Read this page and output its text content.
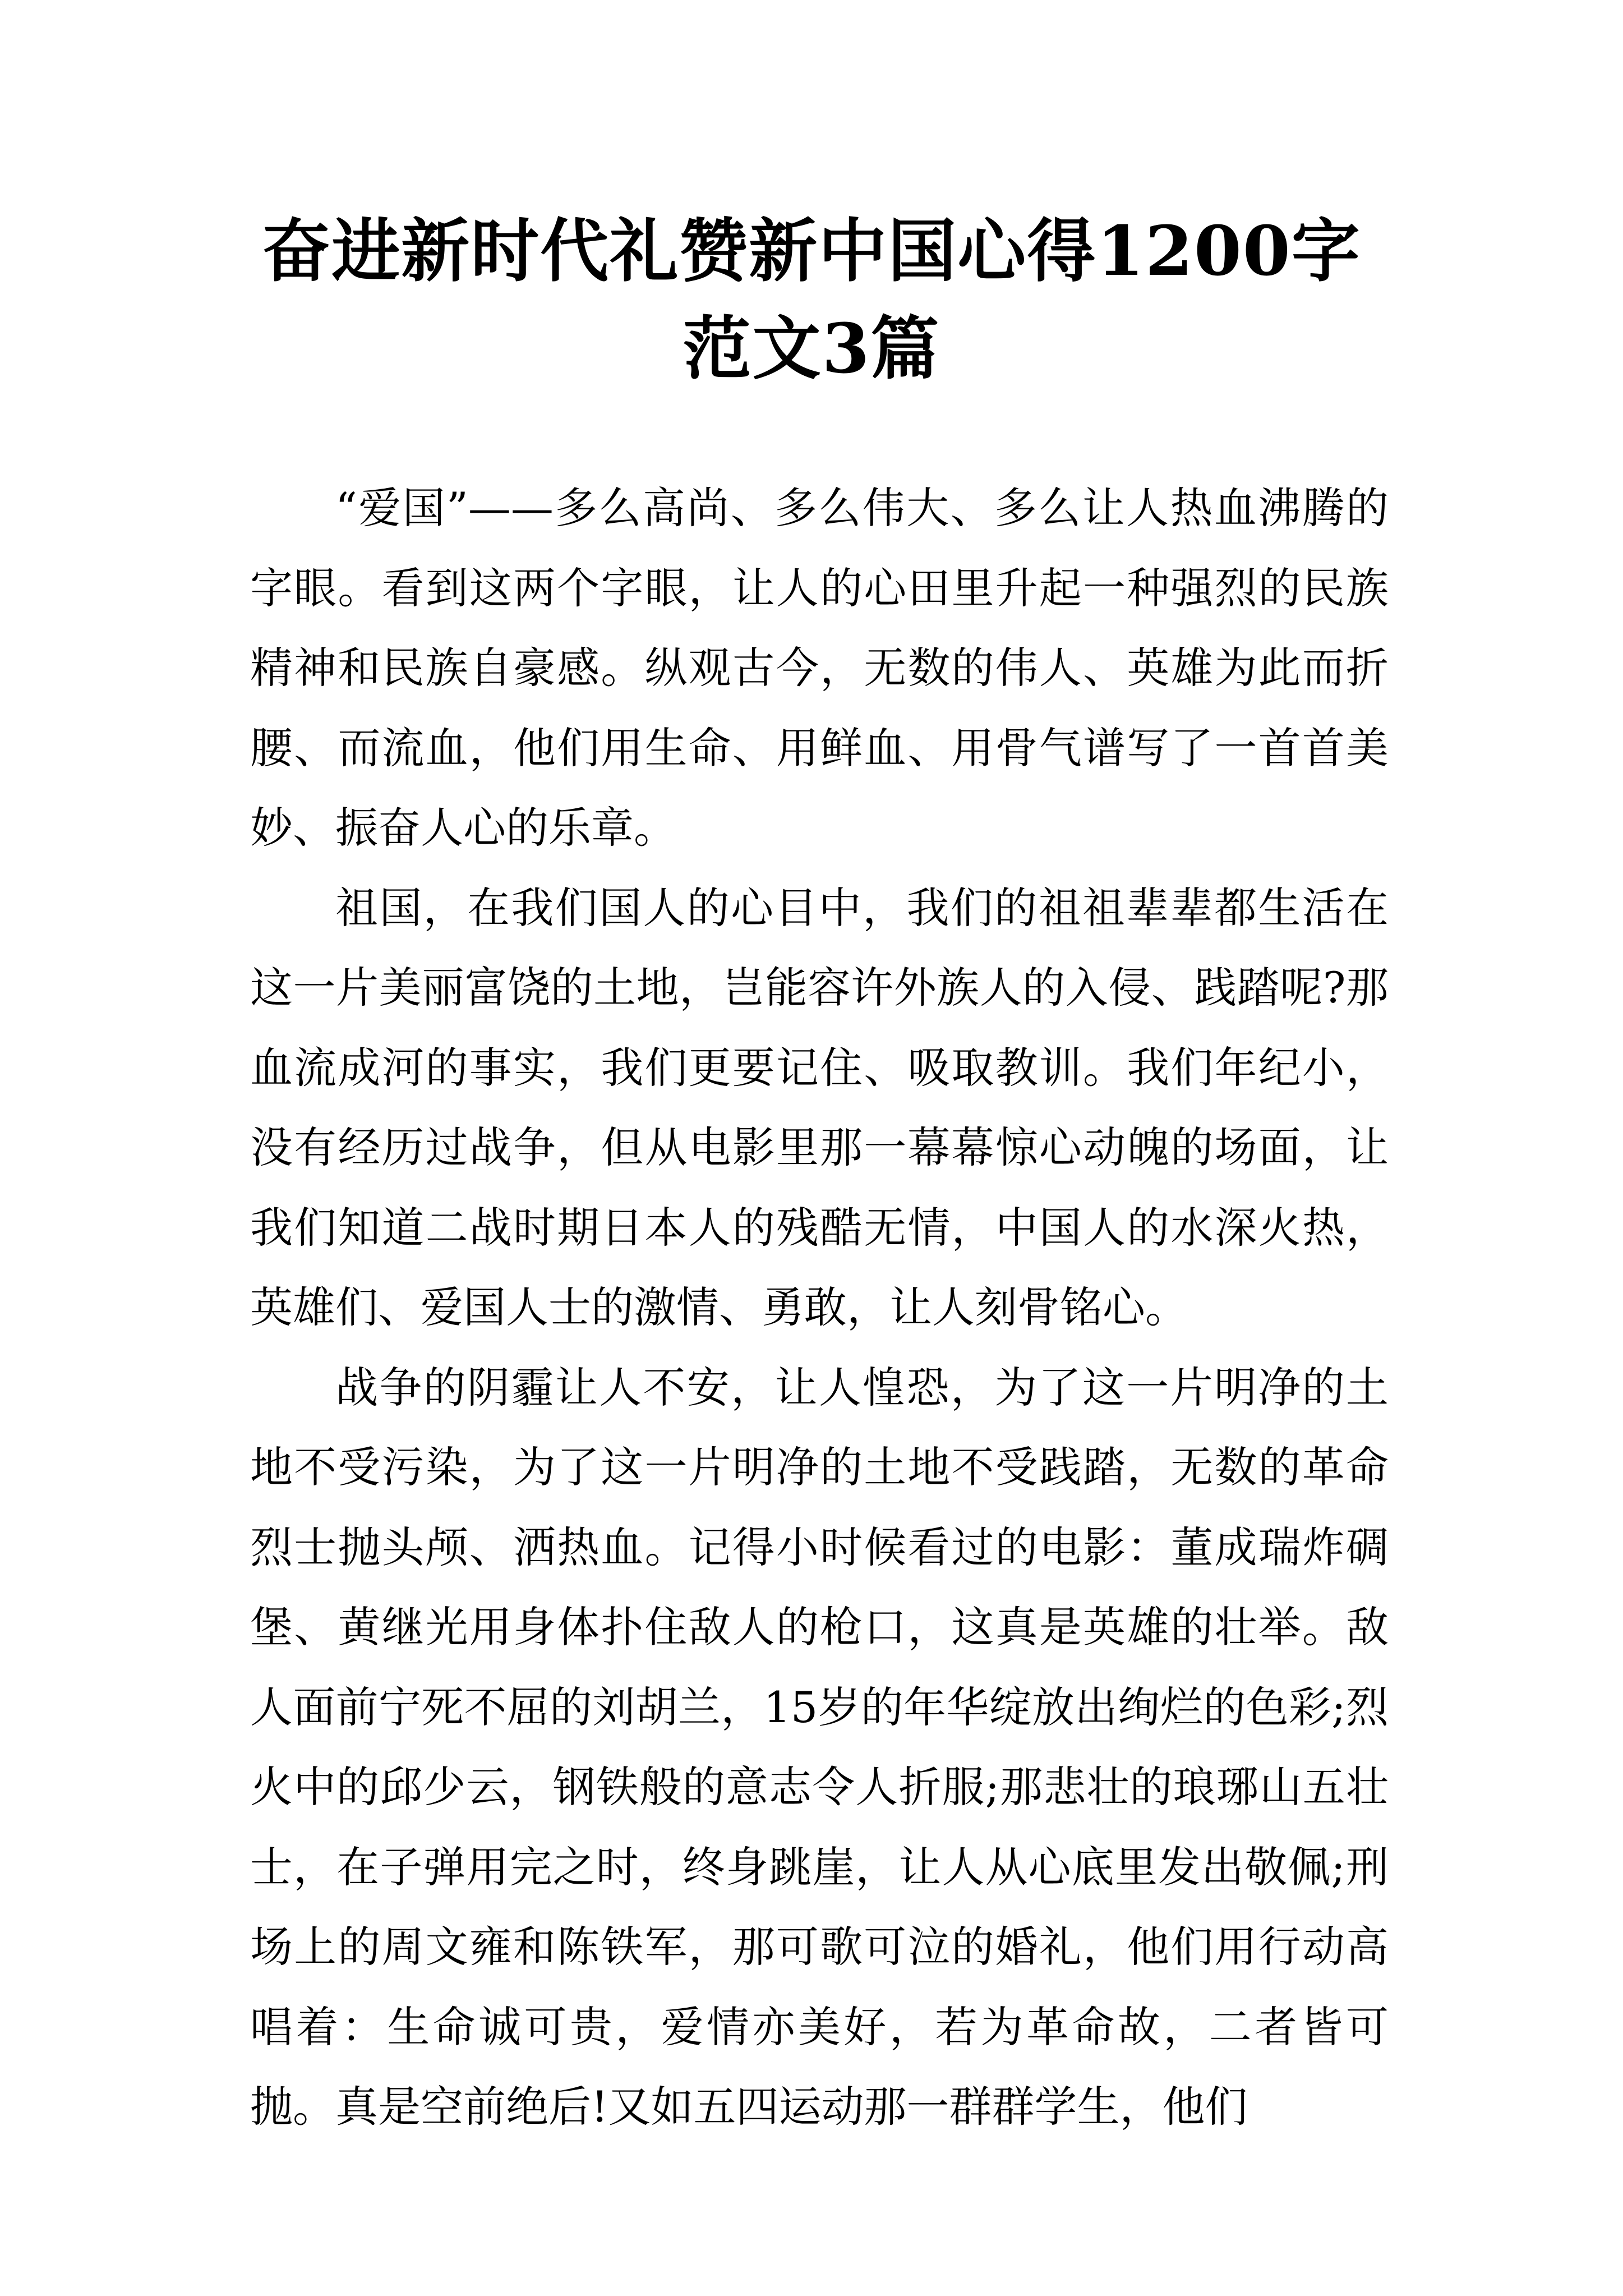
奋进新时代礼赞新中国心得1200字范文3篇

“爱国”——多么高尚、多么伟大、多么让人热血沸腾的字眼。看到这两个字眼，让人的心田里升起一种强烈的民族精神和民族自豪感。纵观古今，无数的伟人、英雄为此而折腰、而流血，他们用生命、用鲜血、用骨气谱写了一首首美妙、振奋人心的乐章。

祖国，在我们国人的心目中，我们的祖祖辈辈都生活在这一片美丽富饶的土地，岂能容许外族人的入侵、践踏呢?那血流成河的事实，我们更要记住、吸取教训。我们年纪小，没有经历过战争，但从电影里那一幕幕惊心动魄的场面，让我们知道二战时期日本人的残酷无情，中国人的水深火热，英雄们、爱国人士的激情、勇敢，让人刻骨铭心。

战争的阴霾让人不安，让人惶恐，为了这一片明净的土地不受污染，为了这一片明净的土地不受践踏，无数的革命烈士抛头颅、洒热血。记得小时候看过的电影：董成瑞炸碉堡、黄继光用身体扑住敌人的枪口，这真是英雄的壮举。敌人面前宁死不屈的刘胡兰，15岁的年华绽放出绚烂的色彩;烈火中的邱少云，钢铁般的意志令人折服;那悲壮的琅琊山五壮士，在子弹用完之时，终身跳崖，让人从心底里发出敬佩;刑场上的周文雍和陈铁军，那可歌可泣的婚礼，他们用行动高唱着：生命诚可贵，爱情亦美好，若为革命故，二者皆可抛。真是空前绝后!又如五四运动那一群群学生，他们
